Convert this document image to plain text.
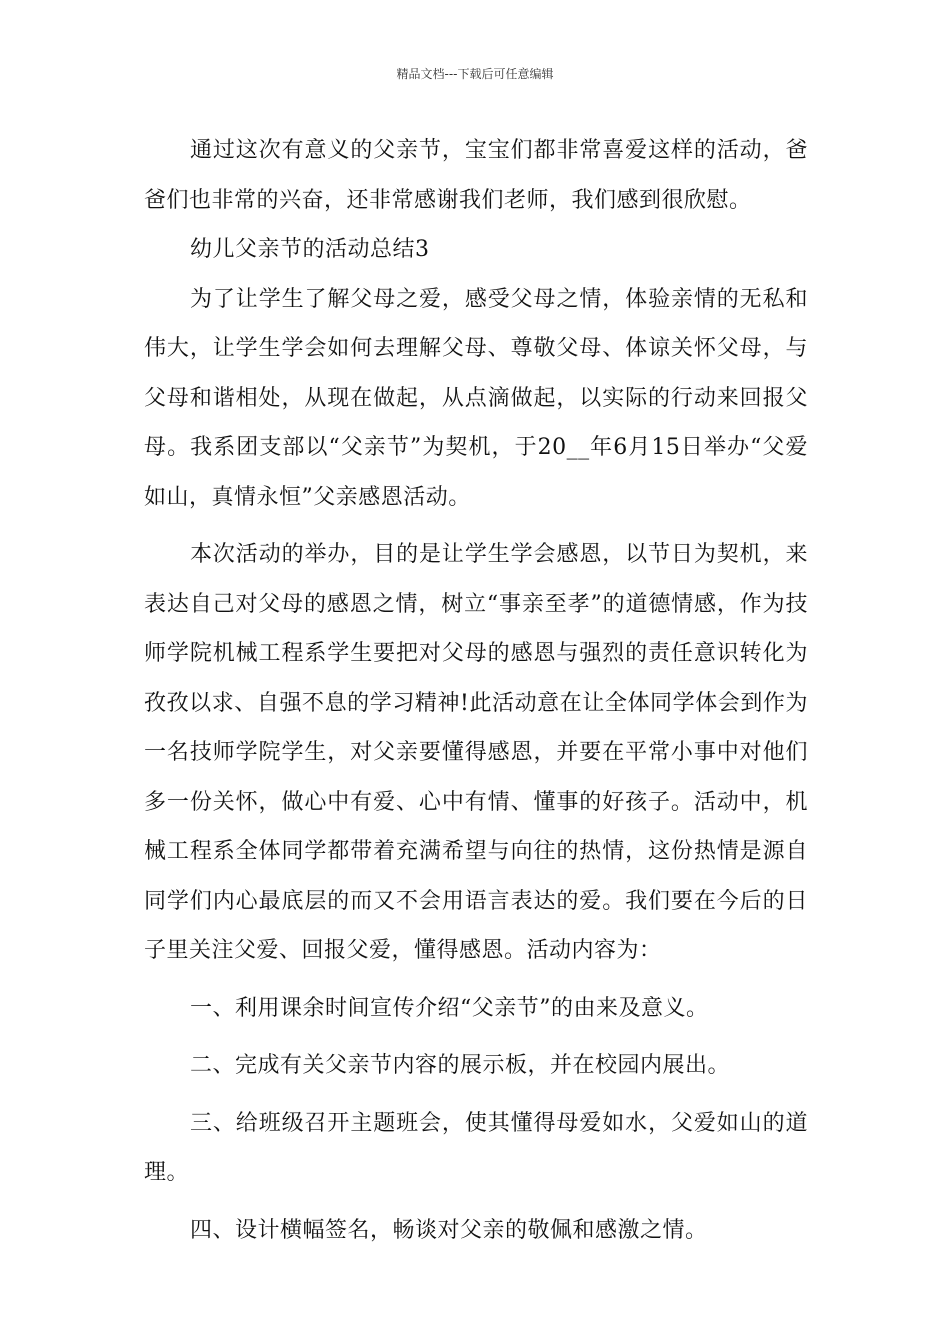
精品文档---下载后可任意编辑

通过这次有意义的父亲节，宝宝们都非常喜爱这样的活动，爸爸们也非常的兴奋，还非常感谢我们老师，我们感到很欣慰。

幼儿父亲节的活动总结3

为了让学生了解父母之爱，感受父母之情，体验亲情的无私和伟大，让学生学会如何去理解父母、尊敬父母、体谅关怀父母，与父母和谐相处，从现在做起，从点滴做起，以实际的行动来回报父母。我系团支部以“父亲节”为契机，于20__年6月15日举办“父爱如山，真情永恒”父亲感恩活动。

本次活动的举办，目的是让学生学会感恩，以节日为契机，来表达自己对父母的感恩之情，树立“事亲至孝”的道德情感，作为技师学院机械工程系学生要把对父母的感恩与强烈的责任意识转化为孜孜以求、自强不息的学习精神!此活动意在让全体同学体会到作为一名技师学院学生，对父亲要懂得感恩，并要在平常小事中对他们多一份关怀，做心中有爱、心中有情、懂事的好孩子。活动中，机械工程系全体同学都带着充满希望与向往的热情，这份热情是源自同学们内心最底层的而又不会用语言表达的爱。我们要在今后的日子里关注父爱、回报父爱，懂得感恩。活动内容为：

一、利用课余时间宣传介绍“父亲节”的由来及意义。

二、完成有关父亲节内容的展示板，并在校园内展出。

三、给班级召开主题班会，使其懂得母爱如水，父爱如山的道理。

四、设计横幅签名，畅谈对父亲的敬佩和感激之情。
